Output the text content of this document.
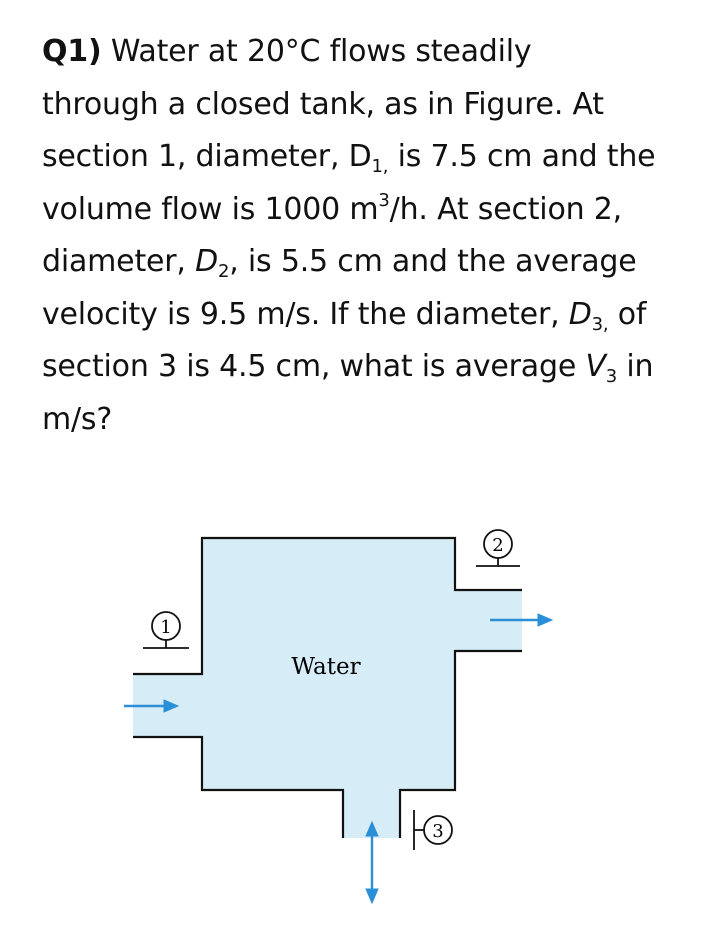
Q1) Water at 20°C flows steadily
through a closed tank, as in Figure. At
section 1, diameter, $D_{1,}$ is 7.5 cm and the
volume flow is 1000 $m^3/h$. At section 2,
diameter, $D_2$, is 5.5 cm and the average
velocity is 9.5 m/s. If the diameter, $D_{3,}$ of
section 3 is 4.5 cm, what is average $V_3$ in
m/s?
1
2
3
Water
